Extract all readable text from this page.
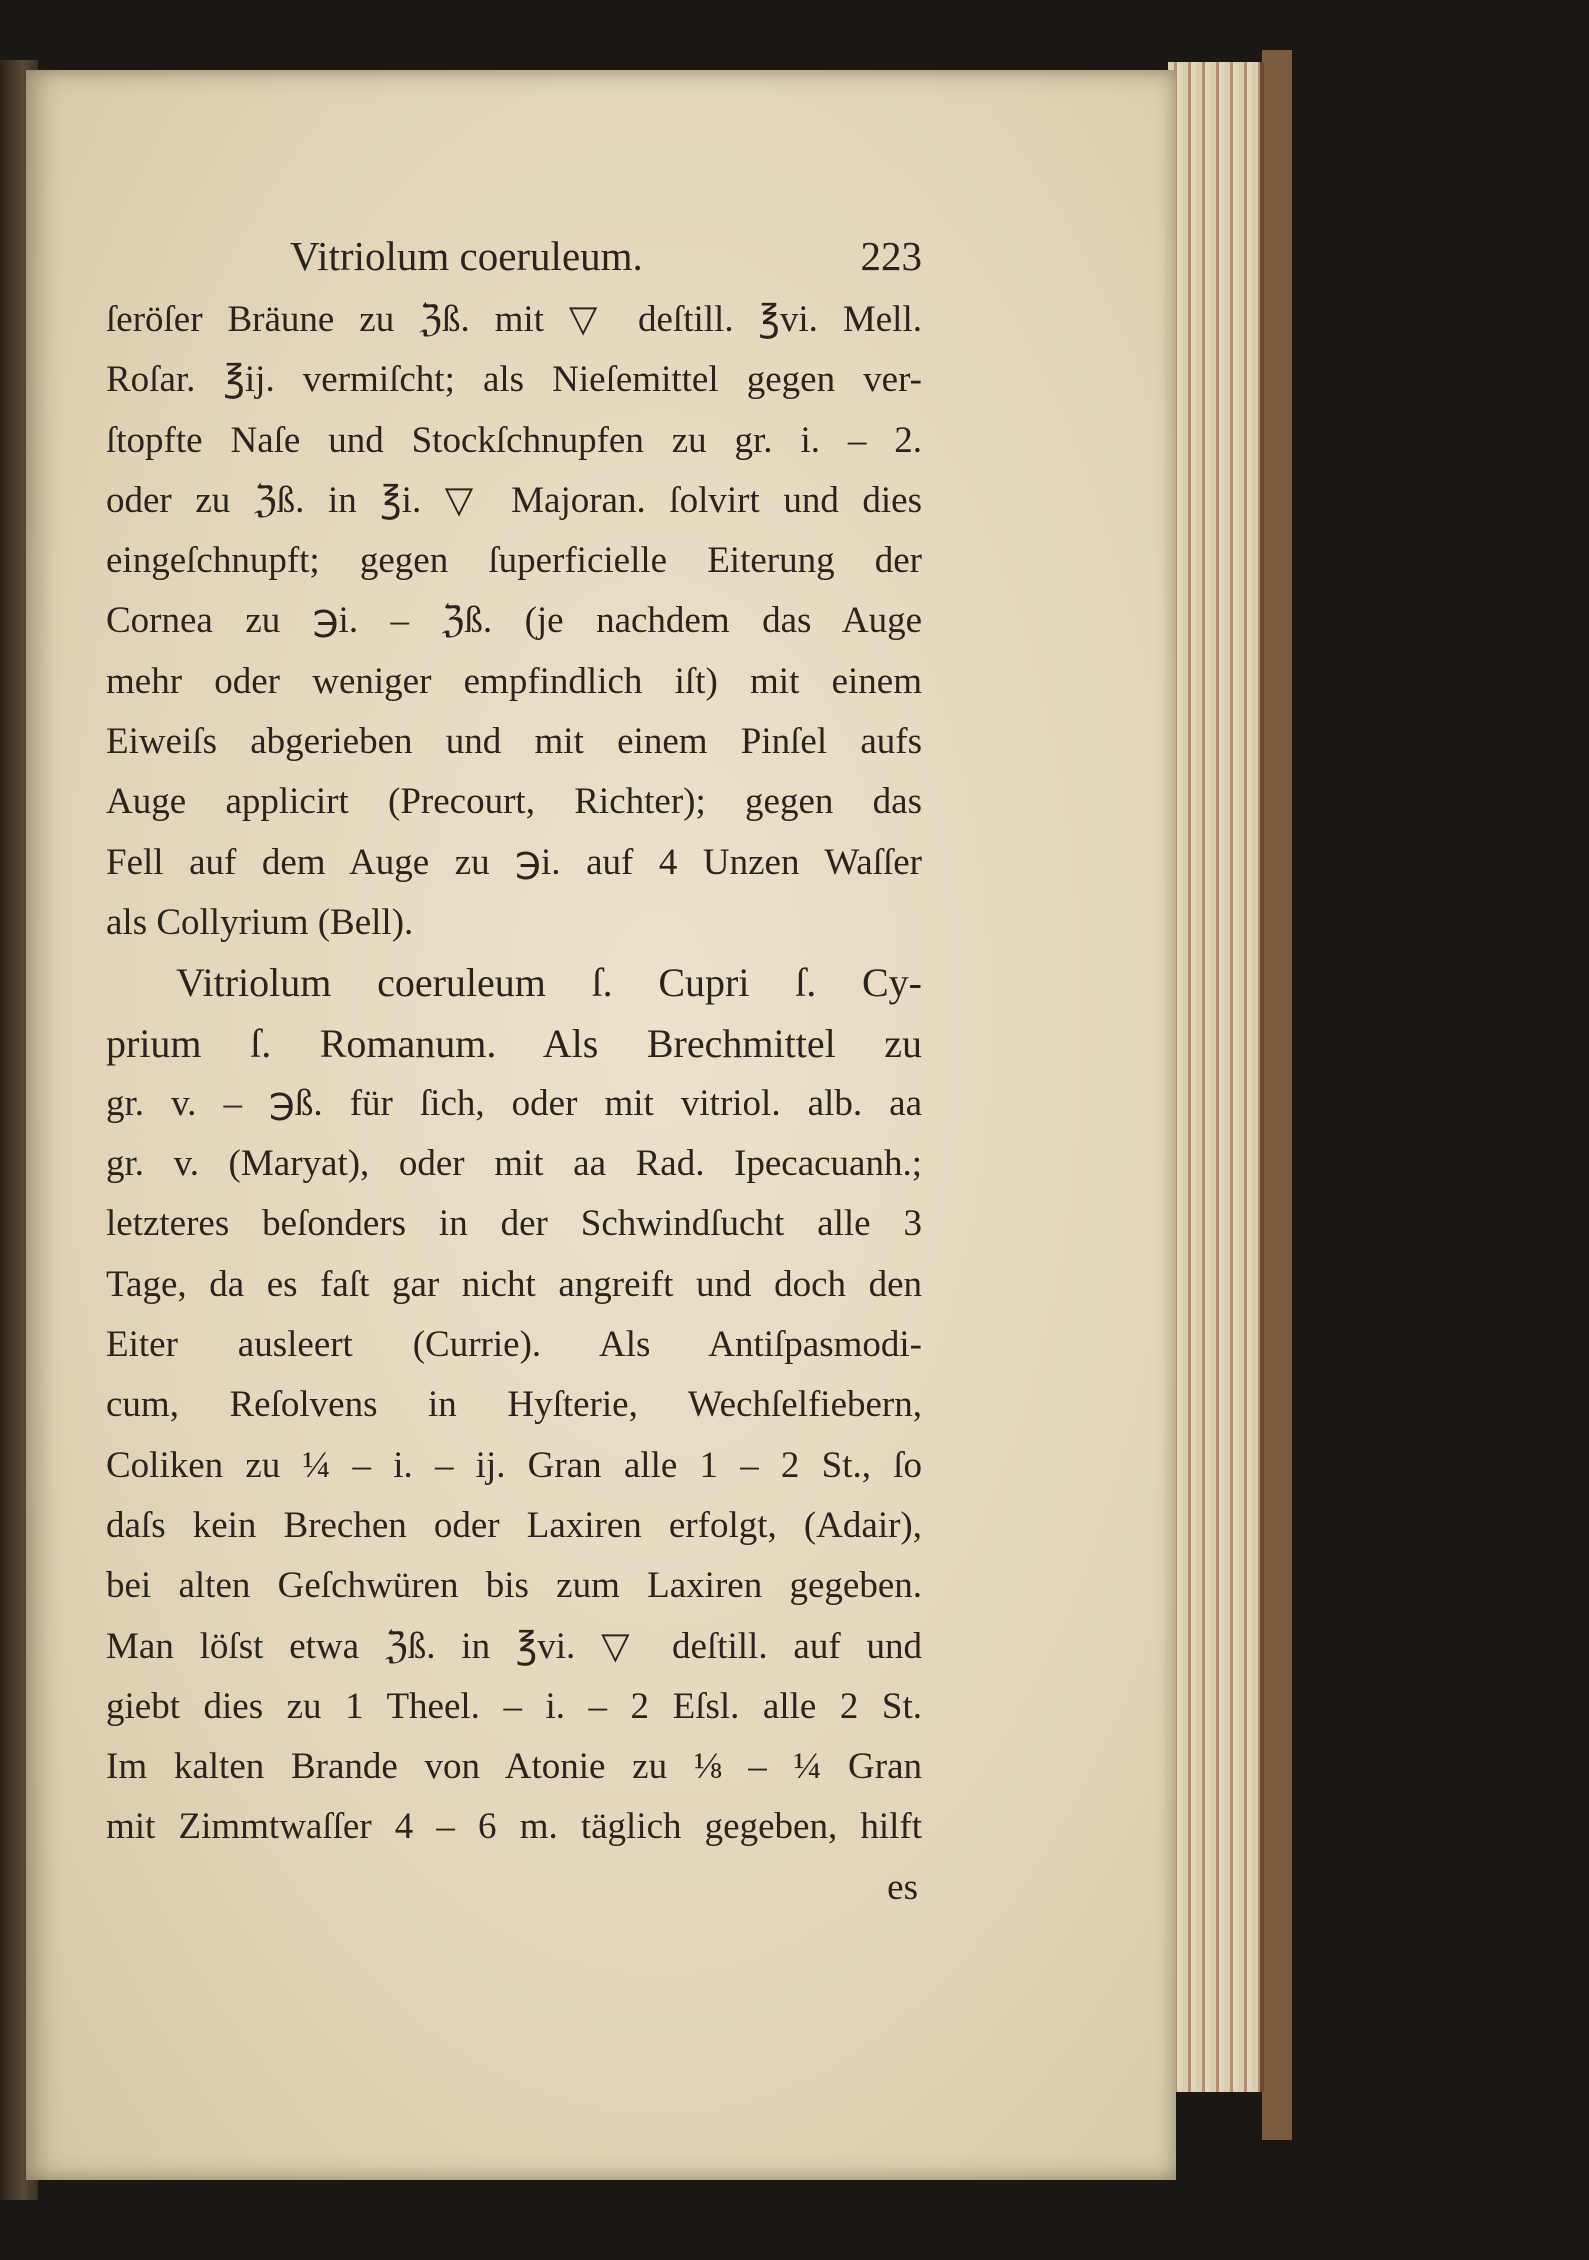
Vitriolum coeruleum.	223
ſeröſer Bräune zu ℨß. mit ▽ deſtill. ℥vi. Mell.
Roſar. ℥ij. vermiſcht; als Nieſemittel gegen ver-
ſtopfte Naſe und Stockſchnupfen zu gr. i. – 2.
oder zu ℨß. in ℥i. ▽ Majoran. ſolvirt und dies
eingeſchnupft; gegen ſuperficielle Eiterung der
Cornea zu ℈i. – ℨß. (je nachdem das Auge
mehr oder weniger empfindlich iſt) mit einem
Eiweiſs abgerieben und mit einem Pinſel aufs
Auge applicirt (Precourt, Richter); gegen das
Fell auf dem Auge zu ℈i. auf 4 Unzen Waſſer
als Collyrium (Bell).
Vitriolum coeruleum ſ. Cupri ſ. Cy-
prium ſ. Romanum. Als Brechmittel zu
gr. v. – ℈ß. für ſich, oder mit vitriol. alb. aa
gr. v. (Maryat), oder mit aa Rad. Ipecacuanh.;
letzteres beſonders in der Schwindſucht alle 3
Tage, da es faſt gar nicht angreift und doch den
Eiter ausleert (Currie). Als Antiſpasmodi-
cum, Reſolvens in Hyſterie, Wechſelfiebern,
Coliken zu ¼ – i. – ij. Gran alle 1 – 2 St., ſo
daſs kein Brechen oder Laxiren erfolgt, (Adair),
bei alten Geſchwüren bis zum Laxiren gegeben.
Man löſst etwa ℨß. in ℥vi. ▽ deſtill. auf und
giebt dies zu 1 Theel. – i. – 2 Eſsl. alle 2 St.
Im kalten Brande von Atonie zu ⅛ – ¼ Gran
mit Zimmtwaſſer 4 – 6 m. täglich gegeben, hilft
es
